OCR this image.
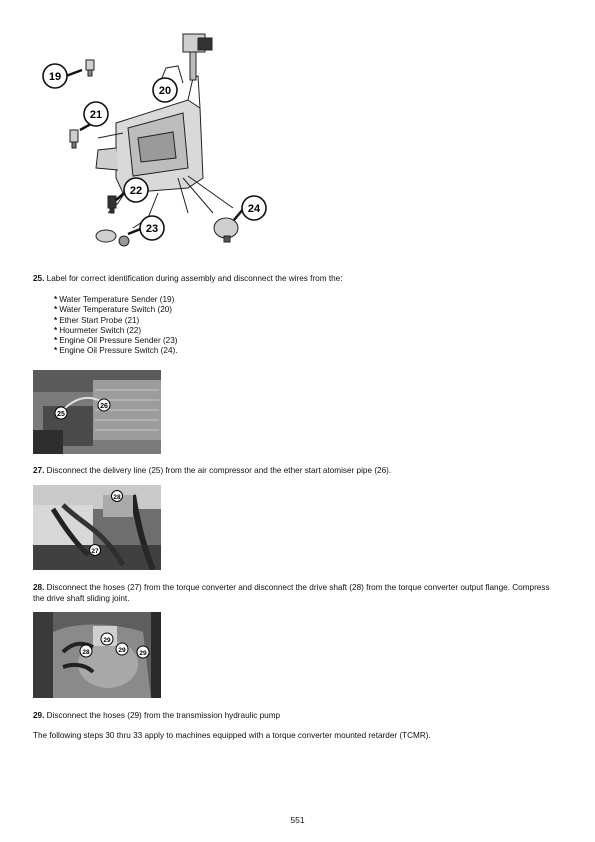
19
20
21
22
23
24

25. Label for correct identification during assembly and disconnect the wires from the:

* Water Temperature Sender (19)
* Water Temperature Switch (20)
* Ether Start Probe (21)
* Hourmeter Switch (22)
* Engine Oil Pressure Sender (23)
* Engine Oil Pressure Switch (24).
25
26

27. Disconnect the delivery line (25) from the air compressor and the ether start atomiser pipe (26).

28
27

28. Disconnect the hoses (27) from the torque converter and disconnect the drive shaft (28) from the torque converter output flange. Compress the drive shaft sliding joint.

29
28	29 29

29. Disconnect the hoses (29) from the transmission hydraulic pump

The following steps 30 thru 33 apply to machines equipped with a torque converter mounted retarder (TCMR).

551
